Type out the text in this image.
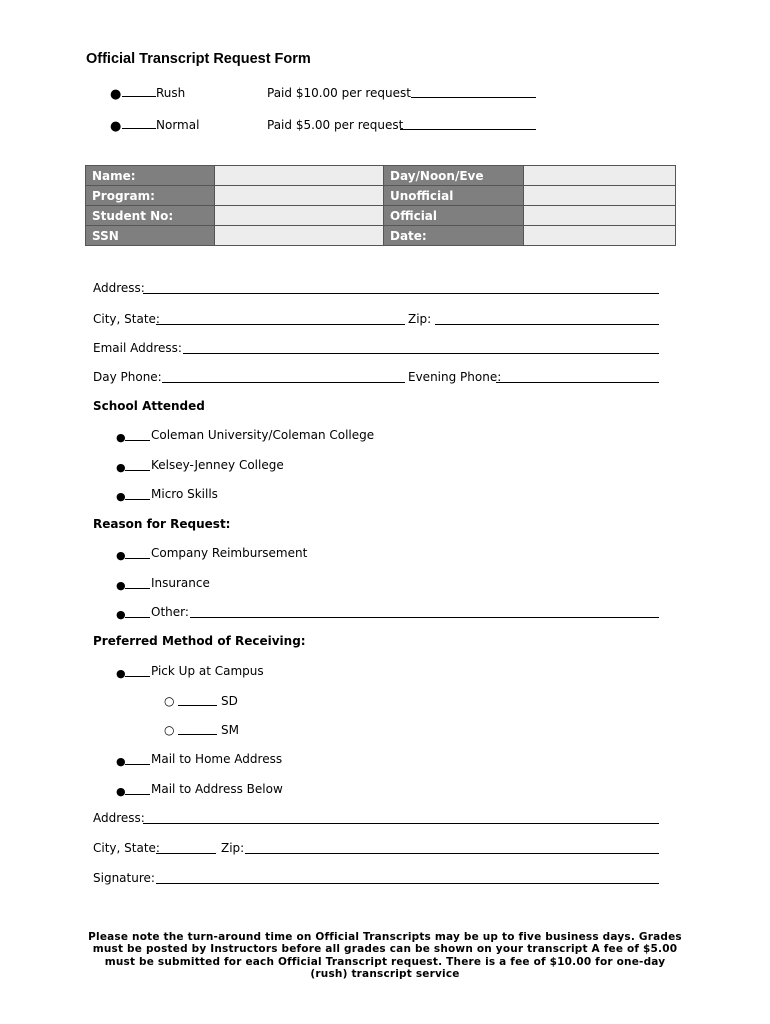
Official Transcript Request Form
●	Rush	Paid $10.00 per request
●	Normal	Paid $5.00 per request
Name:		Day/Noon/Eve	
Program:		Unofficial	
Student No:		Official	
SSN		Date:	
Address:
City, State:	Zip:
Email Address:
Day Phone:	Evening Phone:
School Attended
● Coleman University/Coleman College
● Kelsey-Jenney College
● Micro Skills
Reason for Request:
● Company Reimbursement
● Insurance
● Other:
Preferred Method of Receiving:
● Pick Up at Campus
○	SD
○	SM
● Mail to Home Address
● Mail to Address Below
Address:
City, State:	Zip:
Signature:
Please note the turn-around time on Official Transcripts may be up to five business days. Grades must be posted by Instructors before all grades can be shown on your transcript A fee of $5.00 must be submitted for each Official Transcript request. There is a fee of $10.00 for one-day (rush) transcript service
